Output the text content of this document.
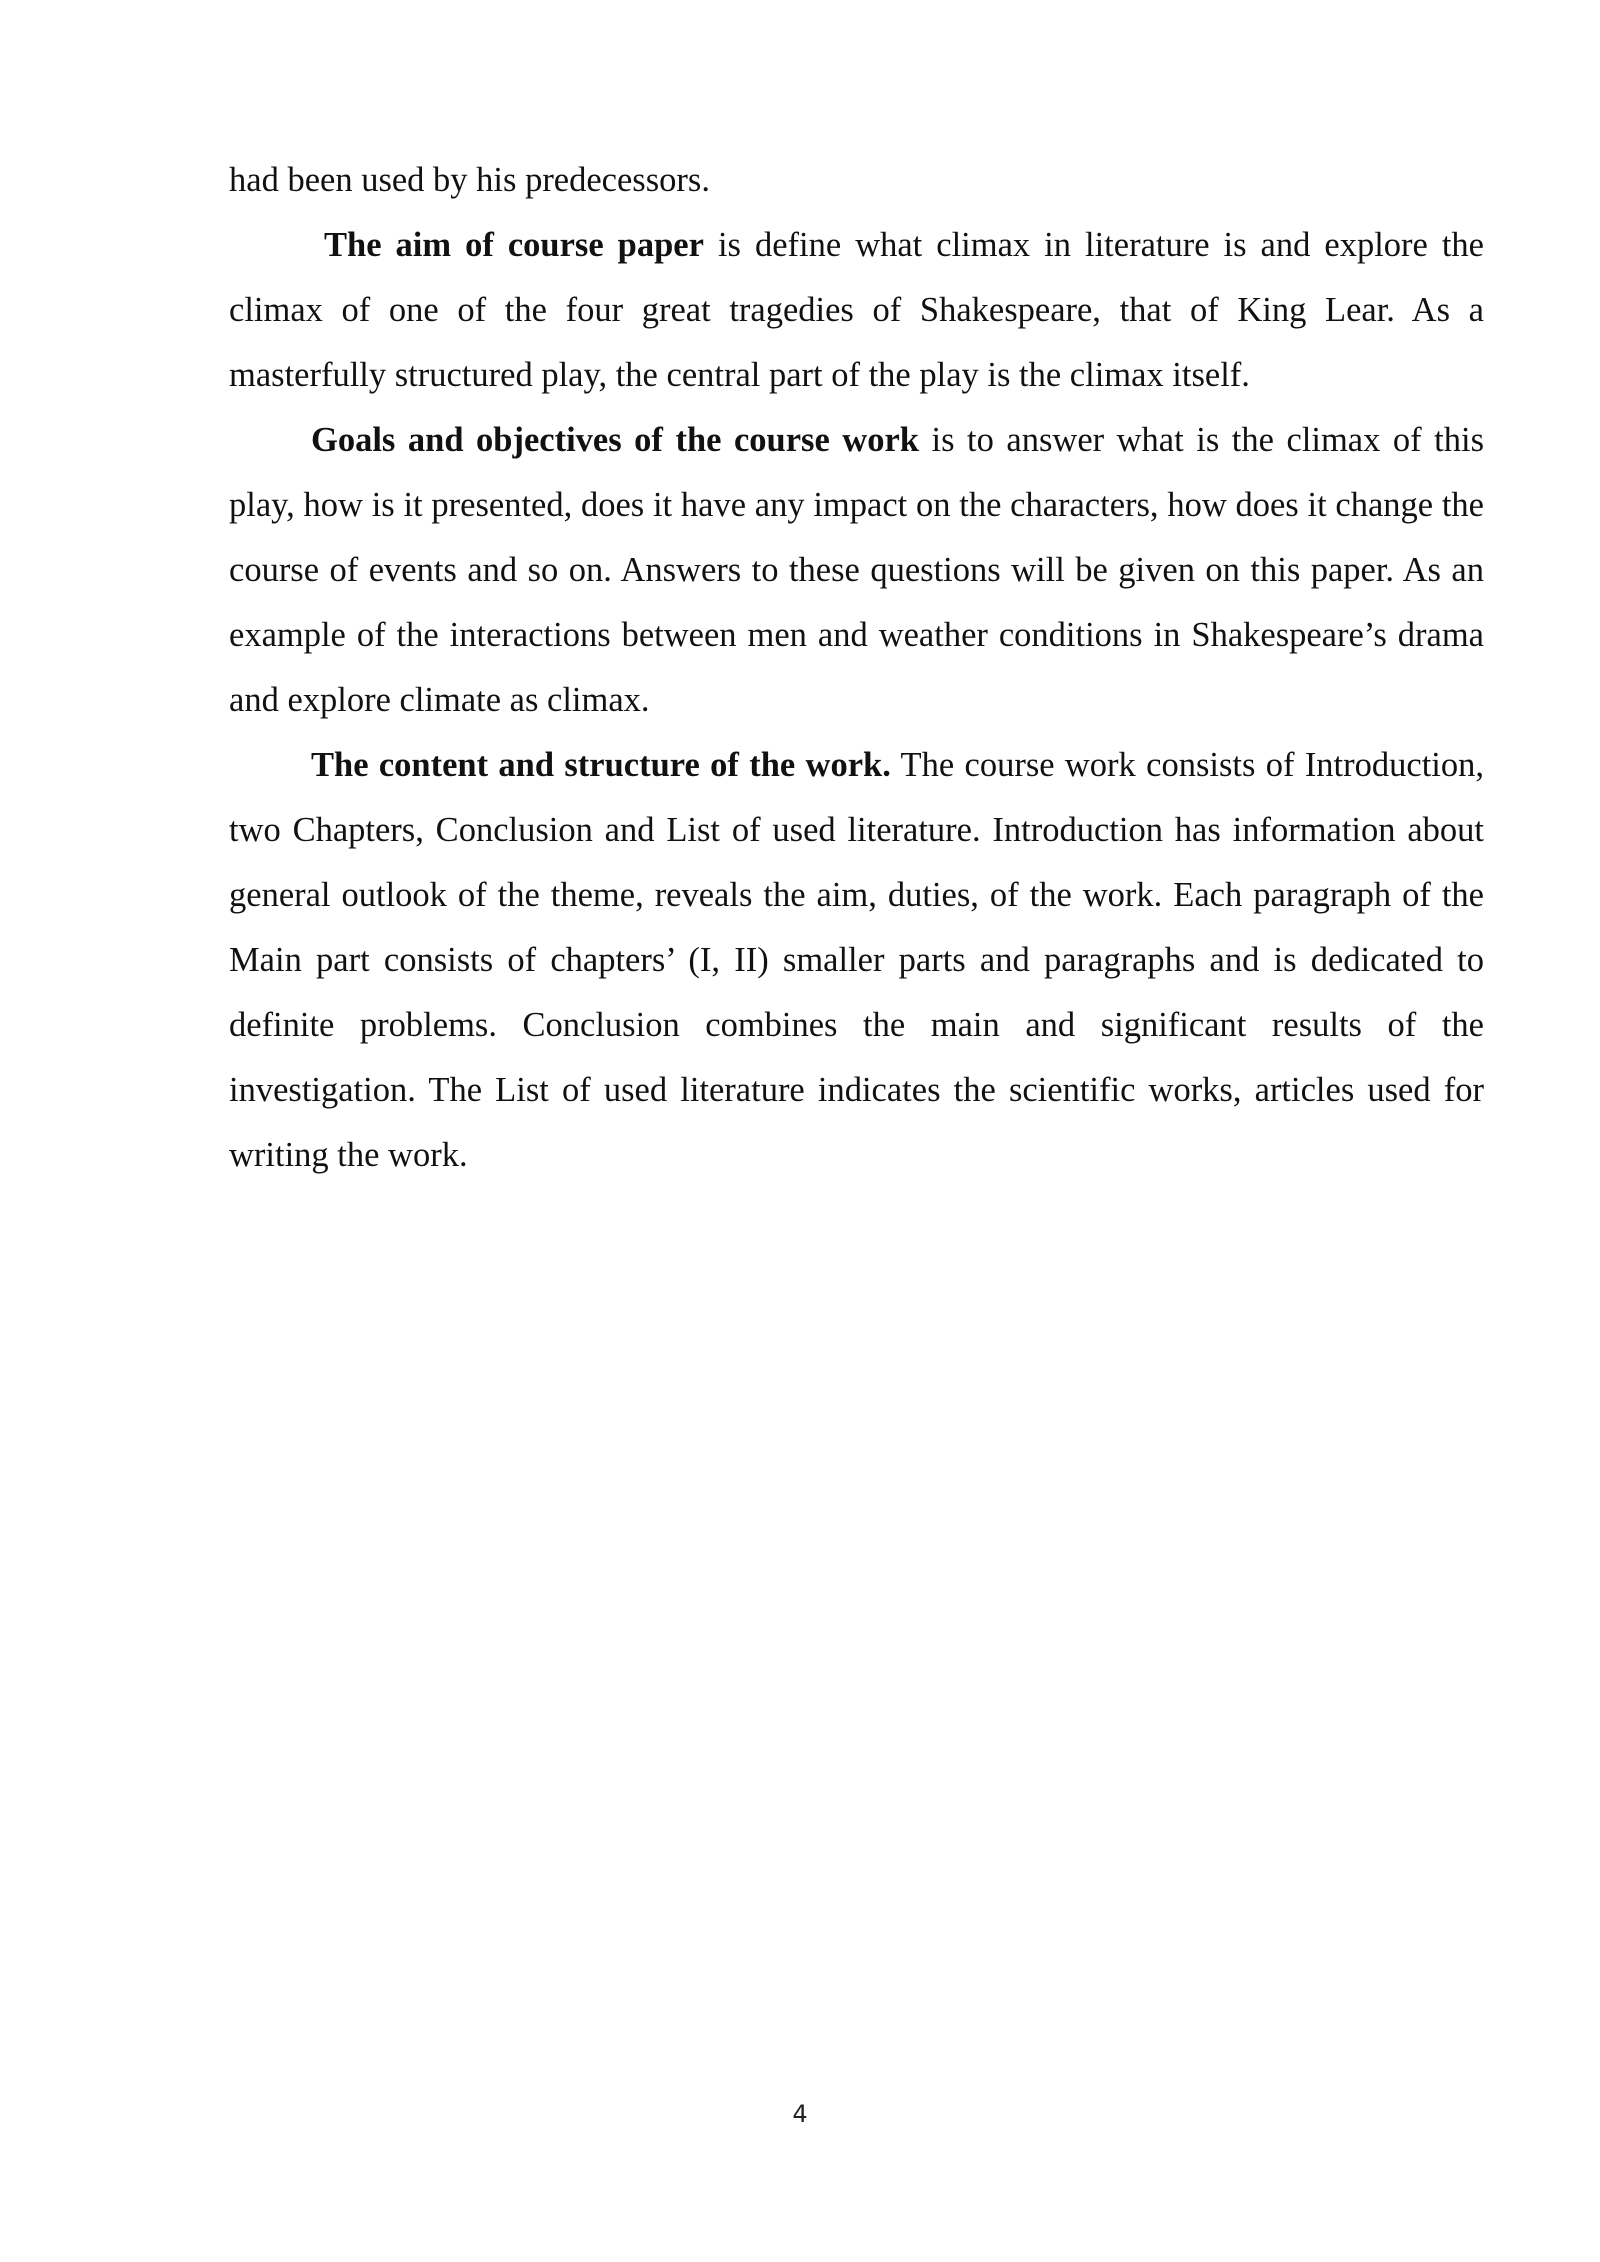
had been used by his predecessors.

The aim of course paper is define what climax in literature is and explore the climax of one of the four great tragedies of Shakespeare, that of King Lear. As a masterfully structured play, the central part of the play is the climax itself.

Goals and objectives of the course work is to answer what is the climax of this play, how is it presented, does it have any impact on the characters, how does it change the course of events and so on. Answers to these questions will be given on this paper. As an example of the interactions between men and weather conditions in Shakespeare’s drama and explore climate as climax.

The content and structure of the work. The course work consists of Introduction, two Chapters, Conclusion and List of used literature. Introduction has information about general outlook of the theme, reveals the aim, duties, of the work. Each paragraph of the Main part consists of chapters’ (I, II) smaller parts and paragraphs and is dedicated to definite problems. Conclusion combines the main and significant results of the investigation. The List of used literature indicates the scientific works, articles used for writing the work.

4
